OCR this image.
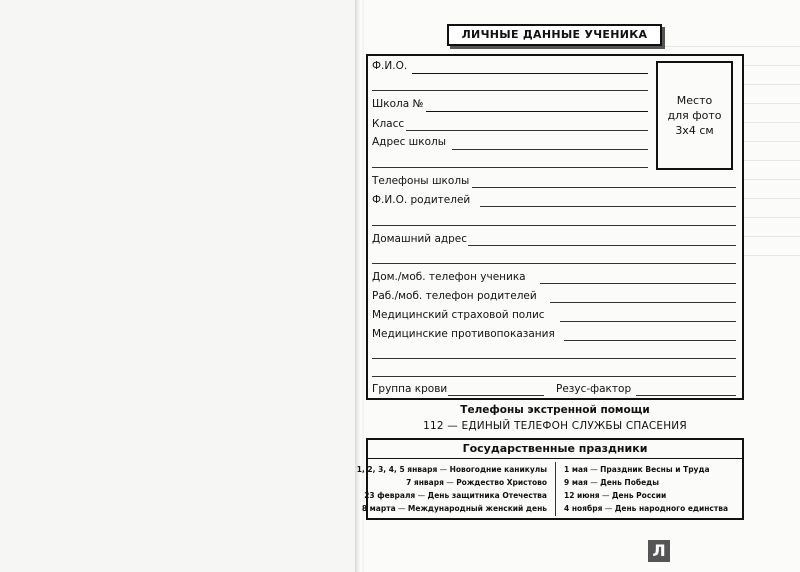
ЛИЧНЫЕ ДАННЫЕ УЧЕНИКА
Место
для фото
3x4 см
Ф.И.О.
Школа №
Класс
Адрес школы
Телефоны школы
Ф.И.О. родителей
Домашний адрес
Дом./моб. телефон ученика
Раб./моб. телефон родителей
Медицинский страховой полис
Медицинские противопоказания
Группа крови	Резус-фактор
Телефоны экстренной помощи
112 — ЕДИНЫЙ ТЕЛЕФОН СЛУЖБЫ СПАСЕНИЯ
Государственные праздники
1, 2, 3, 4, 5 января — Новогодние каникулы
7 января — Рождество Христово
23 февраля — День защитника Отечества
8 марта — Международный женский день
1 мая — Праздник Весны и Труда
9 мая — День Победы
12 июня — День России
4 ноября — День народного единства
Л
